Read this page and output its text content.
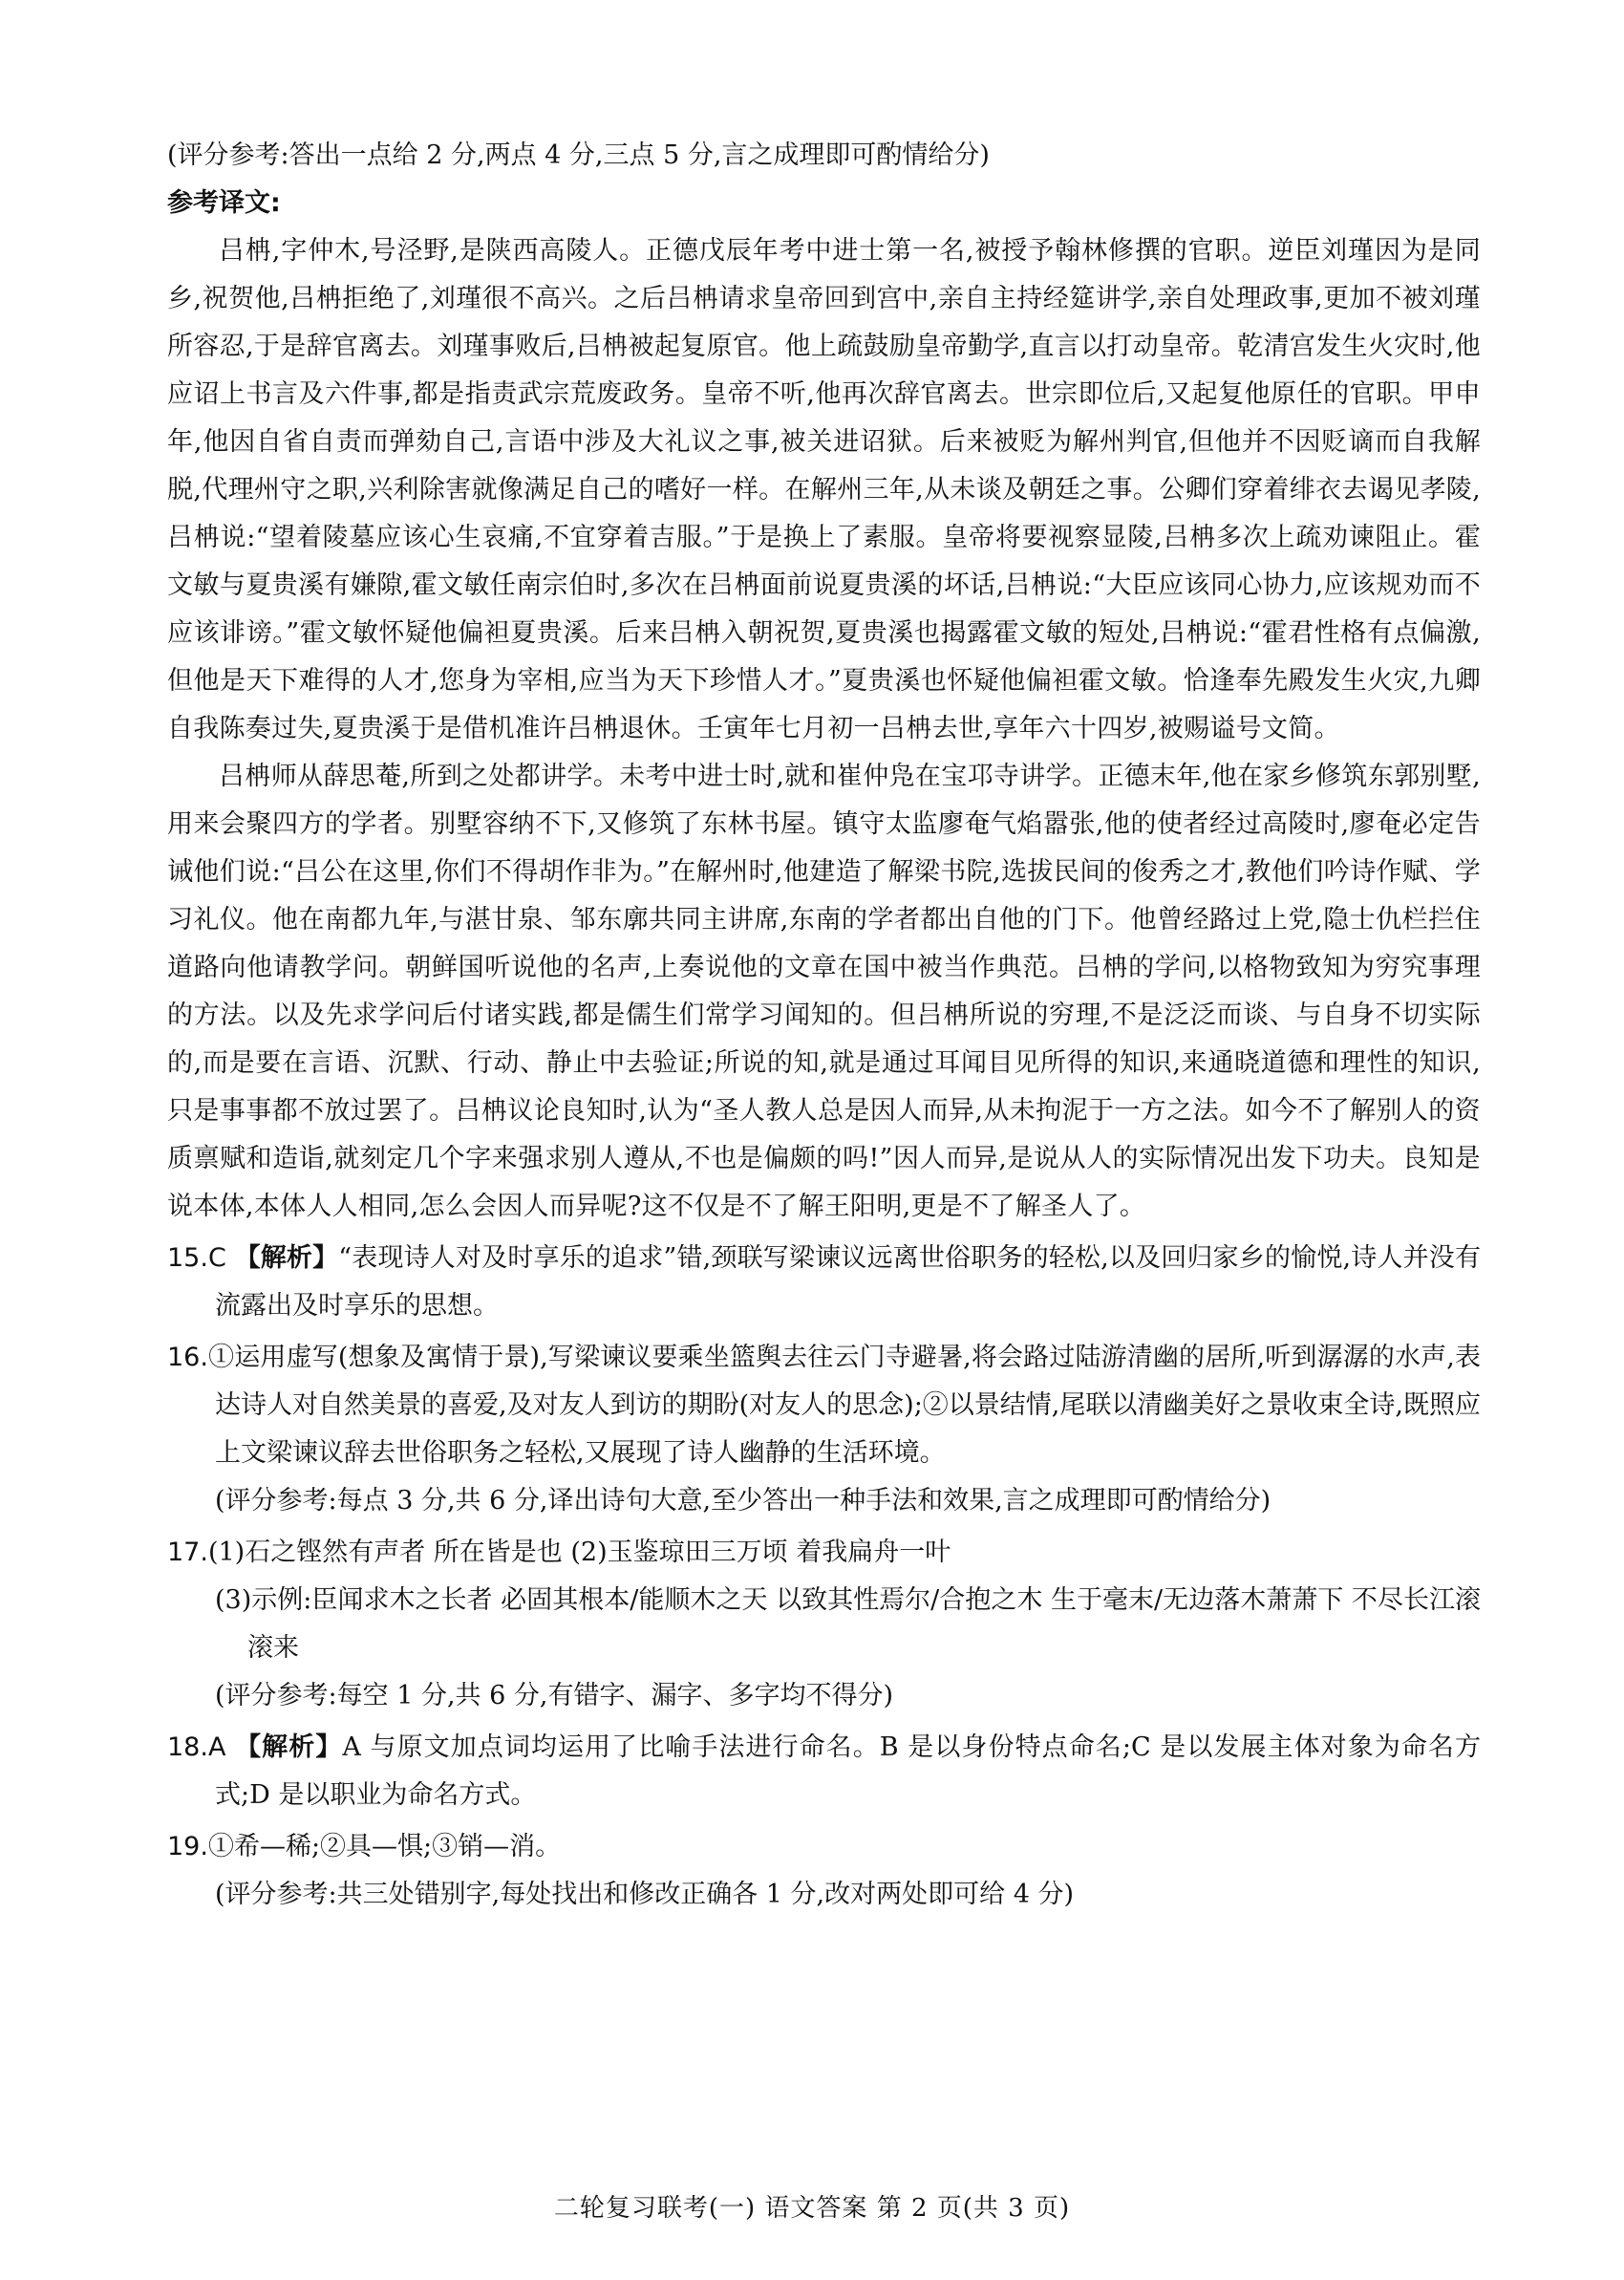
(评分参考:答出一点给 2 分,两点 4 分,三点 5 分,言之成理即可酌情给分)

参考译文:

吕柟,字仲木,号泾野,是陕西高陵人。正德戊辰年考中进士第一名,被授予翰林修撰的官职。逆臣刘瑾因为是同乡,祝贺他,吕柟拒绝了,刘瑾很不高兴。之后吕柟请求皇帝回到宫中,亲自主持经筵讲学,亲自处理政事,更加不被刘瑾所容忍,于是辞官离去。刘瑾事败后,吕柟被起复原官。他上疏鼓励皇帝勤学,直言以打动皇帝。乾清宫发生火灾时,他应诏上书言及六件事,都是指责武宗荒废政务。皇帝不听,他再次辞官离去。世宗即位后,又起复他原任的官职。甲申年,他因自省自责而弹劾自己,言语中涉及大礼议之事,被关进诏狱。后来被贬为解州判官,但他并不因贬谪而自我解脱,代理州守之职,兴利除害就像满足自己的嗜好一样。在解州三年,从未谈及朝廷之事。公卿们穿着绯衣去谒见孝陵,吕柟说:“望着陵墓应该心生哀痛,不宜穿着吉服。”于是换上了素服。皇帝将要视察显陵,吕柟多次上疏劝谏阻止。霍文敏与夏贵溪有嫌隙,霍文敏任南宗伯时,多次在吕柟面前说夏贵溪的坏话,吕柟说:“大臣应该同心协力,应该规劝而不应该诽谤。”霍文敏怀疑他偏袒夏贵溪。后来吕柟入朝祝贺,夏贵溪也揭露霍文敏的短处,吕柟说:“霍君性格有点偏激,但他是天下难得的人才,您身为宰相,应当为天下珍惜人才。”夏贵溪也怀疑他偏袒霍文敏。恰逢奉先殿发生火灾,九卿自我陈奏过失,夏贵溪于是借机准许吕柟退休。壬寅年七月初一吕柟去世,享年六十四岁,被赐谥号文简。

吕柟师从薛思菴,所到之处都讲学。未考中进士时,就和崔仲凫在宝邛寺讲学。正德末年,他在家乡修筑东郭别墅,用来会聚四方的学者。别墅容纳不下,又修筑了东林书屋。镇守太监廖奄气焰嚣张,他的使者经过高陵时,廖奄必定告诫他们说:“吕公在这里,你们不得胡作非为。”在解州时,他建造了解梁书院,选拔民间的俊秀之才,教他们吟诗作赋、学习礼仪。他在南都九年,与湛甘泉、邹东廓共同主讲席,东南的学者都出自他的门下。他曾经路过上党,隐士仇栏拦住道路向他请教学问。朝鲜国听说他的名声,上奏说他的文章在国中被当作典范。吕柟的学问,以格物致知为穷究事理的方法。以及先求学问后付诸实践,都是儒生们常学习闻知的。但吕柟所说的穷理,不是泛泛而谈、与自身不切实际的,而是要在言语、沉默、行动、静止中去验证;所说的知,就是通过耳闻目见所得的知识,来通晓道德和理性的知识,只是事事都不放过罢了。吕柟议论良知时,认为“圣人教人总是因人而异,从未拘泥于一方之法。如今不了解别人的资质禀赋和造诣,就刻定几个字来强求别人遵从,不也是偏颇的吗!”因人而异,是说从人的实际情况出发下功夫。良知是说本体,本体人人相同,怎么会因人而异呢?这不仅是不了解王阳明,更是不了解圣人了。

15.C 【解析】“表现诗人对及时享乐的追求”错,颈联写梁谏议远离世俗职务的轻松,以及回归家乡的愉悦,诗人并没有流露出及时享乐的思想。

16.①运用虚写(想象及寓情于景),写梁谏议要乘坐篮舆去往云门寺避暑,将会路过陆游清幽的居所,听到潺潺的水声,表达诗人对自然美景的喜爱,及对友人到访的期盼(对友人的思念);②以景结情,尾联以清幽美好之景收束全诗,既照应上文梁谏议辞去世俗职务之轻松,又展现了诗人幽静的生活环境。

(评分参考:每点 3 分,共 6 分,译出诗句大意,至少答出一种手法和效果,言之成理即可酌情给分)

17.(1)石之铿然有声者 所在皆是也 (2)玉鉴琼田三万顷 着我扁舟一叶

(3)示例:臣闻求木之长者 必固其根本/能顺木之天 以致其性焉尔/合抱之木 生于毫末/无边落木萧萧下 不尽长江滚滚来

(评分参考:每空 1 分,共 6 分,有错字、漏字、多字均不得分)

18.A 【解析】A 与原文加点词均运用了比喻手法进行命名。B 是以身份特点命名;C 是以发展主体对象为命名方式;D 是以职业为命名方式。

19.①希—稀;②具—惧;③销—消。

(评分参考:共三处错别字,每处找出和修改正确各 1 分,改对两处即可给 4 分)

二轮复习联考(一) 语文答案 第 2 页(共 3 页)
